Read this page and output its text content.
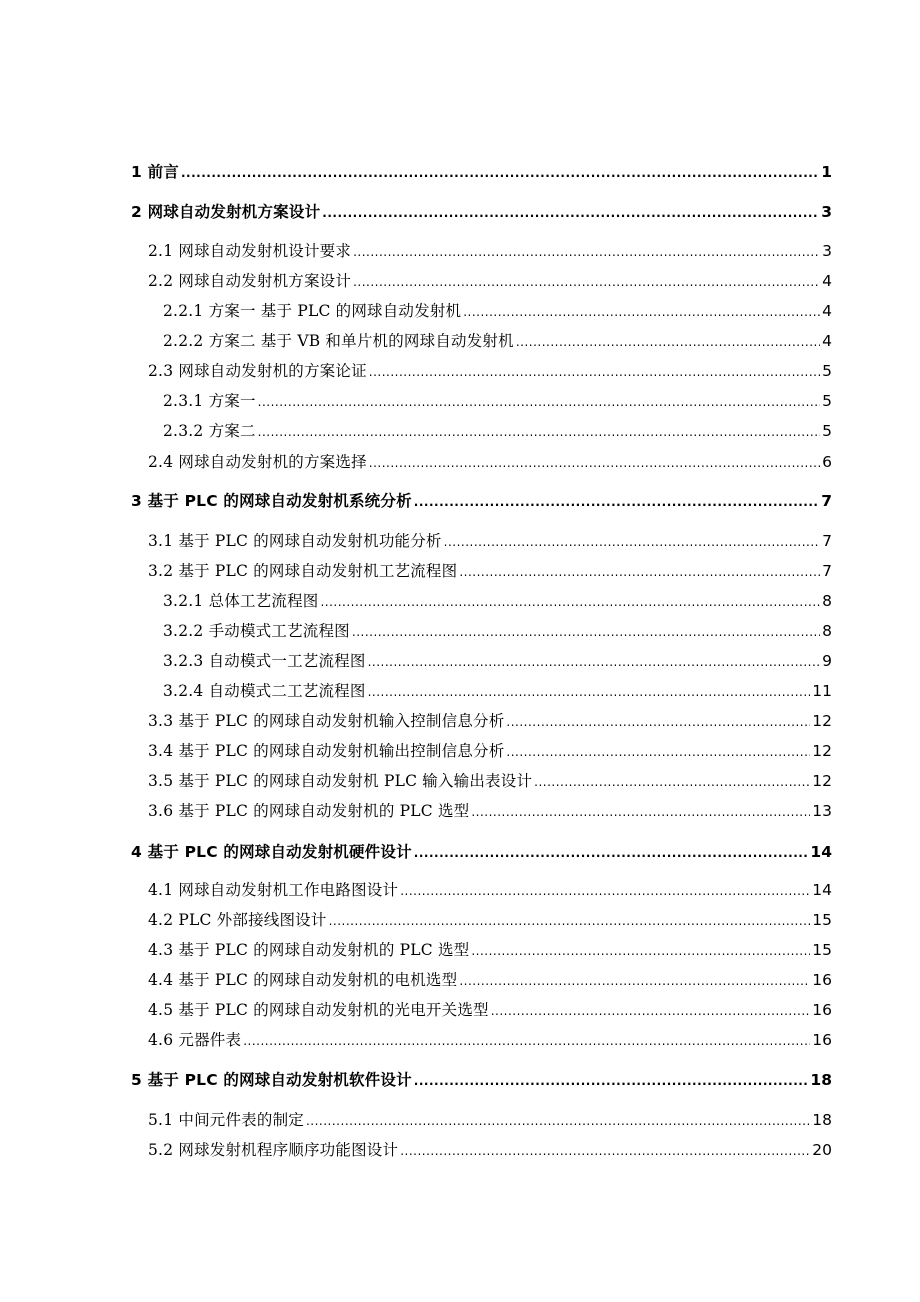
1 前言 .....	1
2 网球自动发射机方案设计 .....	3
2.1 网球自动发射机设计要求 .....	3
2.2 网球自动发射机方案设计 .....	4
2.2.1 方案一 基于 PLC 的网球自动发射机 .....	4
2.2.2 方案二 基于 VB 和单片机的网球自动发射机 .....	4
2.3 网球自动发射机的方案论证 .....	5
2.3.1 方案一 .....	5
2.3.2 方案二 .....	5
2.4 网球自动发射机的方案选择 .....	6
3 基于 PLC 的网球自动发射机系统分析 .....	7
3.1 基于 PLC 的网球自动发射机功能分析 .....	7
3.2 基于 PLC 的网球自动发射机工艺流程图 .....	7
3.2.1 总体工艺流程图 .....	8
3.2.2 手动模式工艺流程图 .....	8
3.2.3 自动模式一工艺流程图 .....	9
3.2.4 自动模式二工艺流程图 .....	11
3.3 基于 PLC 的网球自动发射机输入控制信息分析 .....	12
3.4 基于 PLC 的网球自动发射机输出控制信息分析 .....	12
3.5 基于 PLC 的网球自动发射机 PLC 输入输出表设计 .....	12
3.6 基于 PLC 的网球自动发射机的 PLC 选型 .....	13
4 基于 PLC 的网球自动发射机硬件设计 .....	14
4.1 网球自动发射机工作电路图设计 .....	14
4.2 PLC 外部接线图设计 .....	15
4.3 基于 PLC 的网球自动发射机的 PLC 选型 .....	15
4.4 基于 PLC 的网球自动发射机的电机选型 .....	16
4.5 基于 PLC 的网球自动发射机的光电开关选型 .....	16
4.6 元器件表 .....	16
5 基于 PLC 的网球自动发射机软件设计 .....	18
5.1 中间元件表的制定 .....	18
5.2 网球发射机程序顺序功能图设计 .....	20
